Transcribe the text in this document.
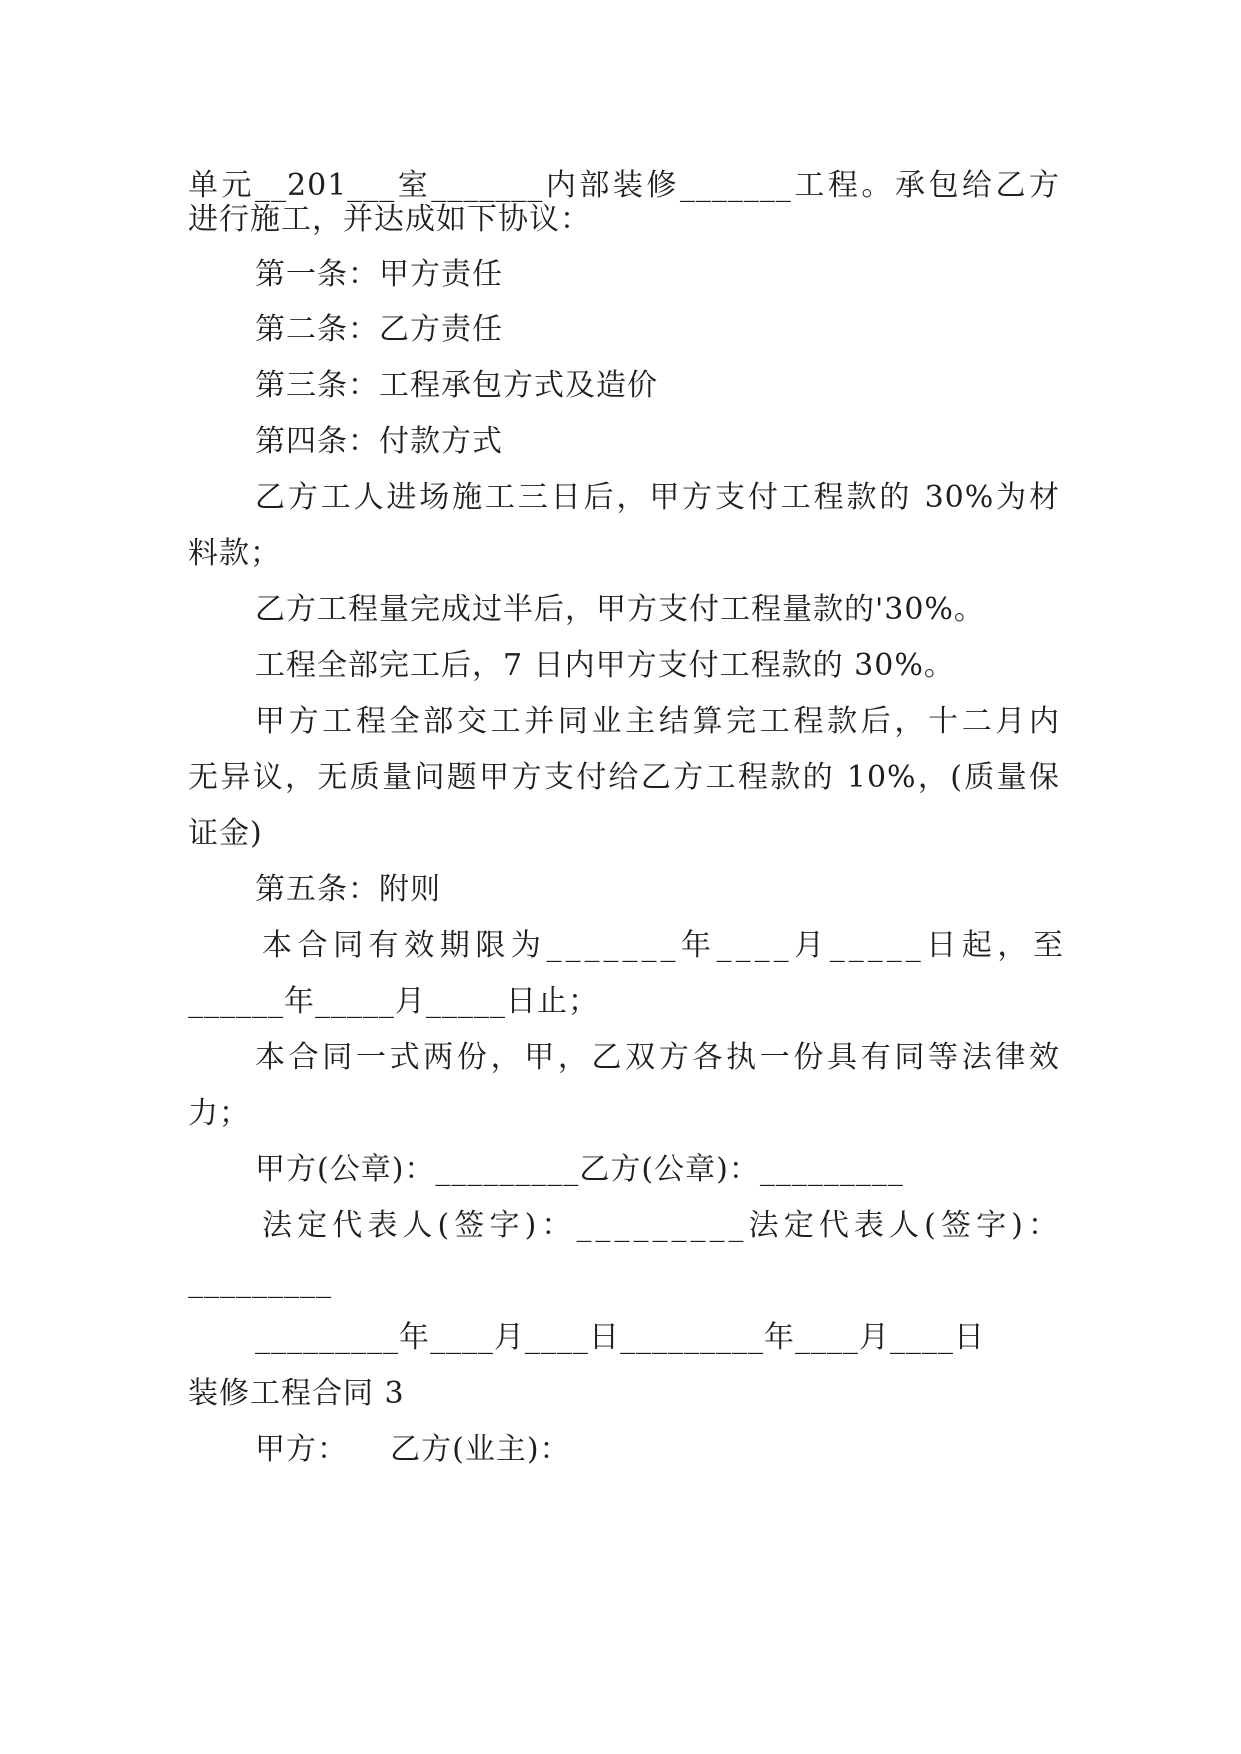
单元__201___室_______内部装修_______工程。承包给乙方
进行施工，并达成如下协议：
第一条：甲方责任
第二条：乙方责任
第三条：工程承包方式及造价
第四条：付款方式
乙方工人进场施工三日后，甲方支付工程款的 30%为材
料款；
乙方工程量完成过半后，甲方支付工程量款的'30%。
工程全部完工后，7 日内甲方支付工程款的 30%。
甲方工程全部交工并同业主结算完工程款后，十二月内
无异议，无质量问题甲方支付给乙方工程款的 10%，(质量保
证金)
第五条：附则
本合同有效期限为_______年____月_____日起，至
______年_____月_____日止；
本合同一式两份，甲，乙双方各执一份具有同等法律效
力；
甲方(公章)：_________乙方(公章)：_________
法定代表人(签字)：_________法定代表人(签字)：
_________
_________年____月____日_________年____月____日
装修工程合同 3
甲方：    乙方(业主)：
